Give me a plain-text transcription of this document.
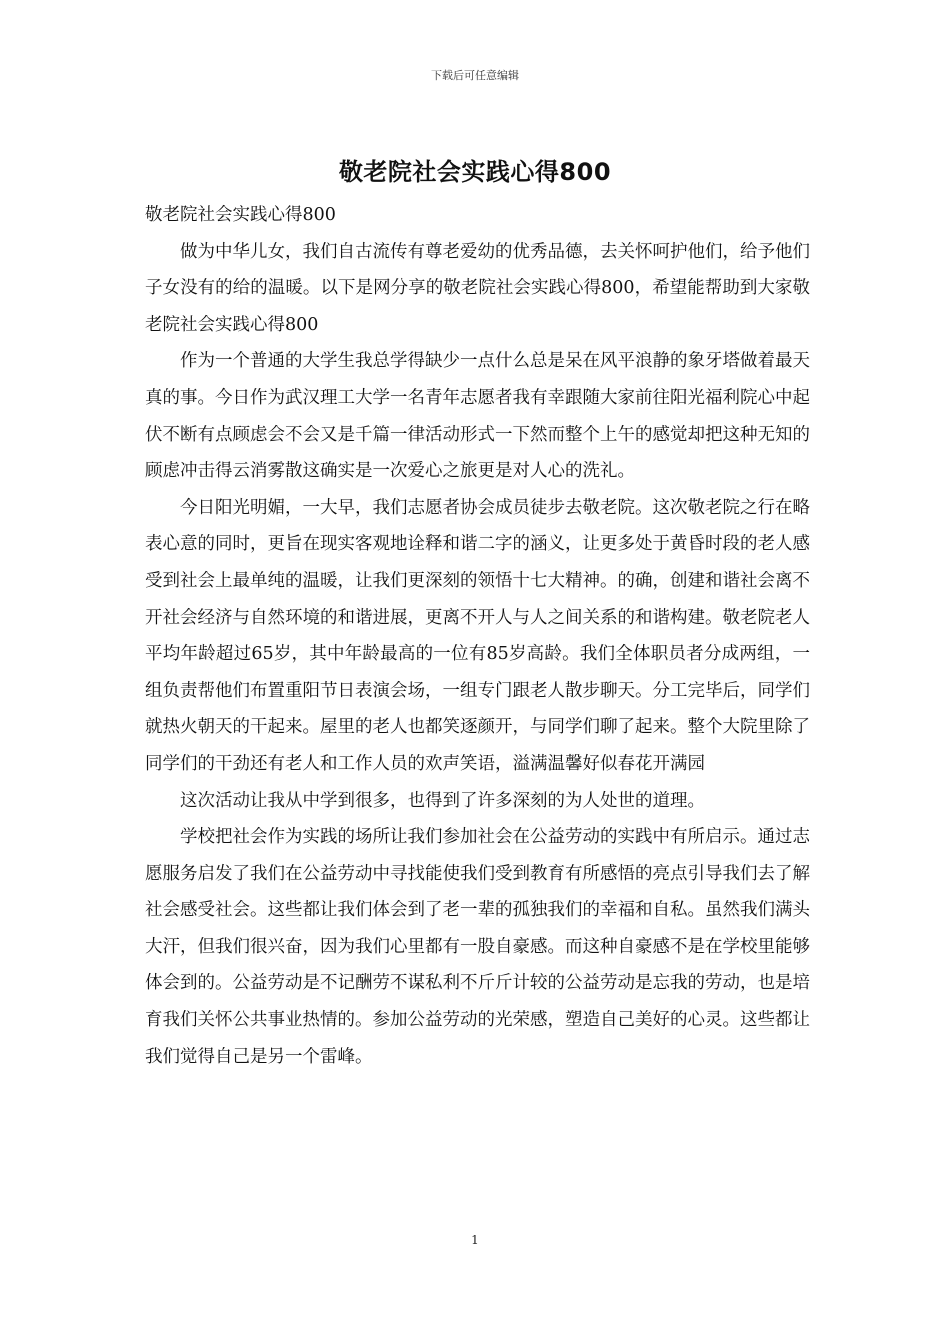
下载后可任意编辑
敬老院社会实践心得800

敬老院社会实践心得800

做为中华儿女，我们自古流传有尊老爱幼的优秀品德，去关怀呵护他们，给予他们子女没有的给的温暖。以下是网分享的敬老院社会实践心得800，希望能帮助到大家敬老院社会实践心得800

作为一个普通的大学生我总学得缺少一点什么总是呆在风平浪静的象牙塔做着最天真的事。今日作为武汉理工大学一名青年志愿者我有幸跟随大家前往阳光福利院心中起伏不断有点顾虑会不会又是千篇一律活动形式一下然而整个上午的感觉却把这种无知的顾虑冲击得云消雾散这确实是一次爱心之旅更是对人心的洗礼。

今日阳光明媚，一大早，我们志愿者协会成员徒步去敬老院。这次敬老院之行在略表心意的同时，更旨在现实客观地诠释和谐二字的涵义，让更多处于黄昏时段的老人感受到社会上最单纯的温暖，让我们更深刻的领悟十七大精神。的确，创建和谐社会离不开社会经济与自然环境的和谐进展，更离不开人与人之间关系的和谐构建。敬老院老人平均年龄超过65岁，其中年龄最高的一位有85岁高龄。我们全体职员者分成两组，一组负责帮他们布置重阳节日表演会场，一组专门跟老人散步聊天。分工完毕后，同学们就热火朝天的干起来。屋里的老人也都笑逐颜开，与同学们聊了起来。整个大院里除了同学们的干劲还有老人和工作人员的欢声笑语，溢满温馨好似春花开满园

这次活动让我从中学到很多，也得到了许多深刻的为人处世的道理。

学校把社会作为实践的场所让我们参加社会在公益劳动的实践中有所启示。通过志愿服务启发了我们在公益劳动中寻找能使我们受到教育有所感悟的亮点引导我们去了解社会感受社会。这些都让我们体会到了老一辈的孤独我们的幸福和自私。虽然我们满头大汗，但我们很兴奋，因为我们心里都有一股自豪感。而这种自豪感不是在学校里能够体会到的。公益劳动是不记酬劳不谋私利不斤斤计较的公益劳动是忘我的劳动，也是培育我们关怀公共事业热情的。参加公益劳动的光荣感，塑造自己美好的心灵。这些都让我们觉得自己是另一个雷峰。

1
